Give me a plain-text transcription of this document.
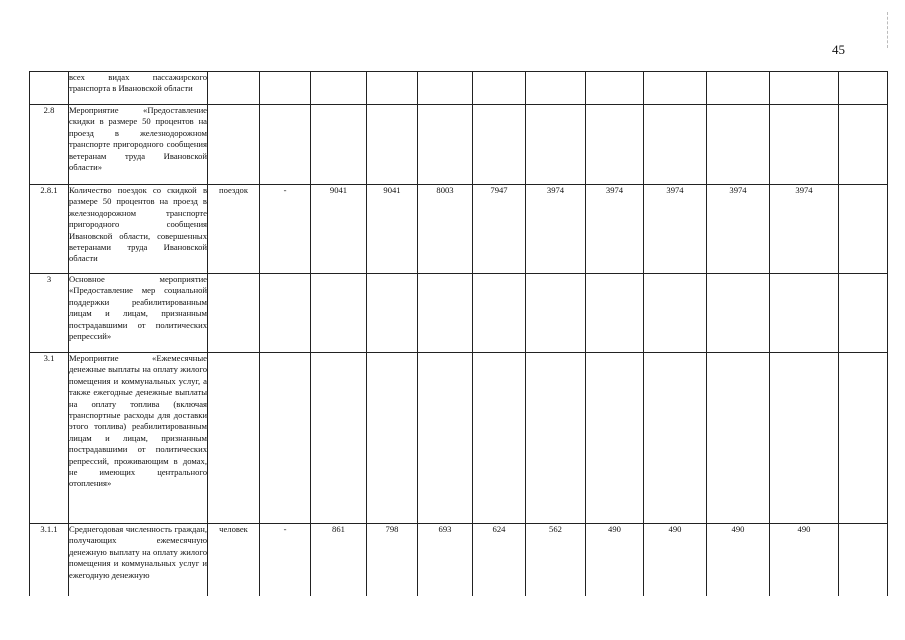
45
	всех видах пассажирского транспорта в Ивановской области												
2.8	Мероприятие «Предоставление скидки в размере 50 процентов на проезд в железнодорожном транспорте пригородного сообщения ветеранам труда Ивановской области»												
2.8.1	Количество поездок со скидкой в размере 50 процентов на проезд в железнодорожном транспорте пригородного сообщения Ивановской области, совершенных ветеранами труда Ивановской области	поездок	-	9041	9041	8003	7947	3974	3974	3974	3974	3974	
3	Основное мероприятие «Предоставление мер социальной поддержки реабилитированным лицам и лицам, признанным пострадавшими от политических репрессий»												
3.1	Мероприятие «Ежемесячные денежные выплаты на оплату жилого помещения и коммунальных услуг, а также ежегодные денежные выплаты на оплату топлива (включая транспортные расходы для доставки этого топлива) реабилитированным лицам и лицам, признанным пострадавшими от политических репрессий, проживающим в домах, не имеющих центрального отопления»												
3.1.1	Среднегодовая численность граждан, получающих ежемесячную денежную выплату на оплату жилого помещения и коммунальных услуг и ежегодную денежную	человек	-	861	798	693	624	562	490	490	490	490	
